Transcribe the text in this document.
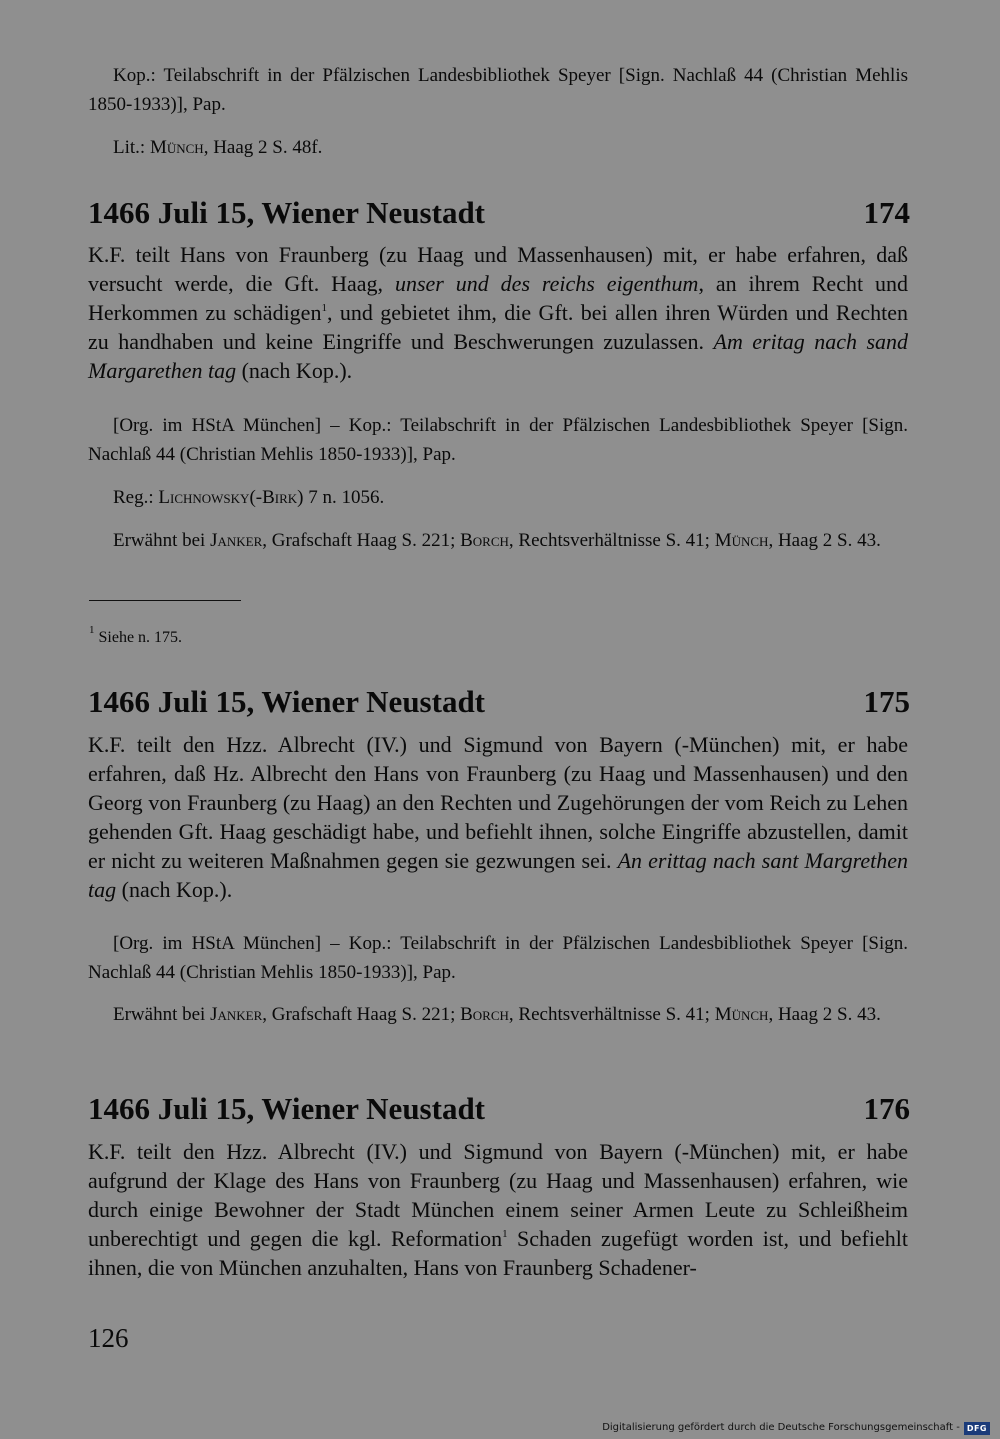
Kop.: Teilabschrift in der Pfälzischen Landesbibliothek Speyer [Sign. Nachlaß 44 (Christian Mehlis 1850-1933)], Pap.

Lit.: Münch, Haag 2 S. 48f.

1466 Juli 15, Wiener Neustadt	174

K.F. teilt Hans von Fraunberg (zu Haag und Massenhausen) mit, er habe erfahren, daß versucht werde, die Gft. Haag, unser und des reichs eigenthum, an ihrem Recht und Herkommen zu schädigen$^1$, und gebietet ihm, die Gft. bei allen ihren Würden und Rechten zu handhaben und keine Eingriffe und Beschwerungen zuzulassen. Am eritag nach sand Margarethen tag (nach Kop.).

[Org. im HStA München] – Kop.: Teilabschrift in der Pfälzischen Landesbibliothek Speyer [Sign. Nachlaß 44 (Christian Mehlis 1850-1933)], Pap.

Reg.: Lichnowsky(-Birk) 7 n. 1056.

Erwähnt bei Janker, Grafschaft Haag S. 221; Borch, Rechtsverhältnisse S. 41; Münch, Haag 2 S. 43.

$^1$ Siehe n. 175.

1466 Juli 15, Wiener Neustadt	175

K.F. teilt den Hzz. Albrecht (IV.) und Sigmund von Bayern (-München) mit, er habe erfahren, daß Hz. Albrecht den Hans von Fraunberg (zu Haag und Massenhausen) und den Georg von Fraunberg (zu Haag) an den Rechten und Zugehörungen der vom Reich zu Lehen gehenden Gft. Haag geschädigt habe, und befiehlt ihnen, solche Eingriffe abzustellen, damit er nicht zu weiteren Maßnahmen gegen sie gezwungen sei. An erittag nach sant Margrethen tag (nach Kop.).

[Org. im HStA München] – Kop.: Teilabschrift in der Pfälzischen Landesbibliothek Speyer [Sign. Nachlaß 44 (Christian Mehlis 1850-1933)], Pap.

Erwähnt bei Janker, Grafschaft Haag S. 221; Borch, Rechtsverhältnisse S. 41; Münch, Haag 2 S. 43.

1466 Juli 15, Wiener Neustadt	176

K.F. teilt den Hzz. Albrecht (IV.) und Sigmund von Bayern (-München) mit, er habe aufgrund der Klage des Hans von Fraunberg (zu Haag und Massenhausen) erfahren, wie durch einige Bewohner der Stadt München einem seiner Armen Leute zu Schleißheim unberechtigt und gegen die kgl. Reformation$^1$ Schaden zugefügt worden ist, und befiehlt ihnen, die von München anzuhalten, Hans von Fraunberg Schadener-

126
Digitalisierung gefördert durch die Deutsche Forschungsgemeinschaft - DFG
